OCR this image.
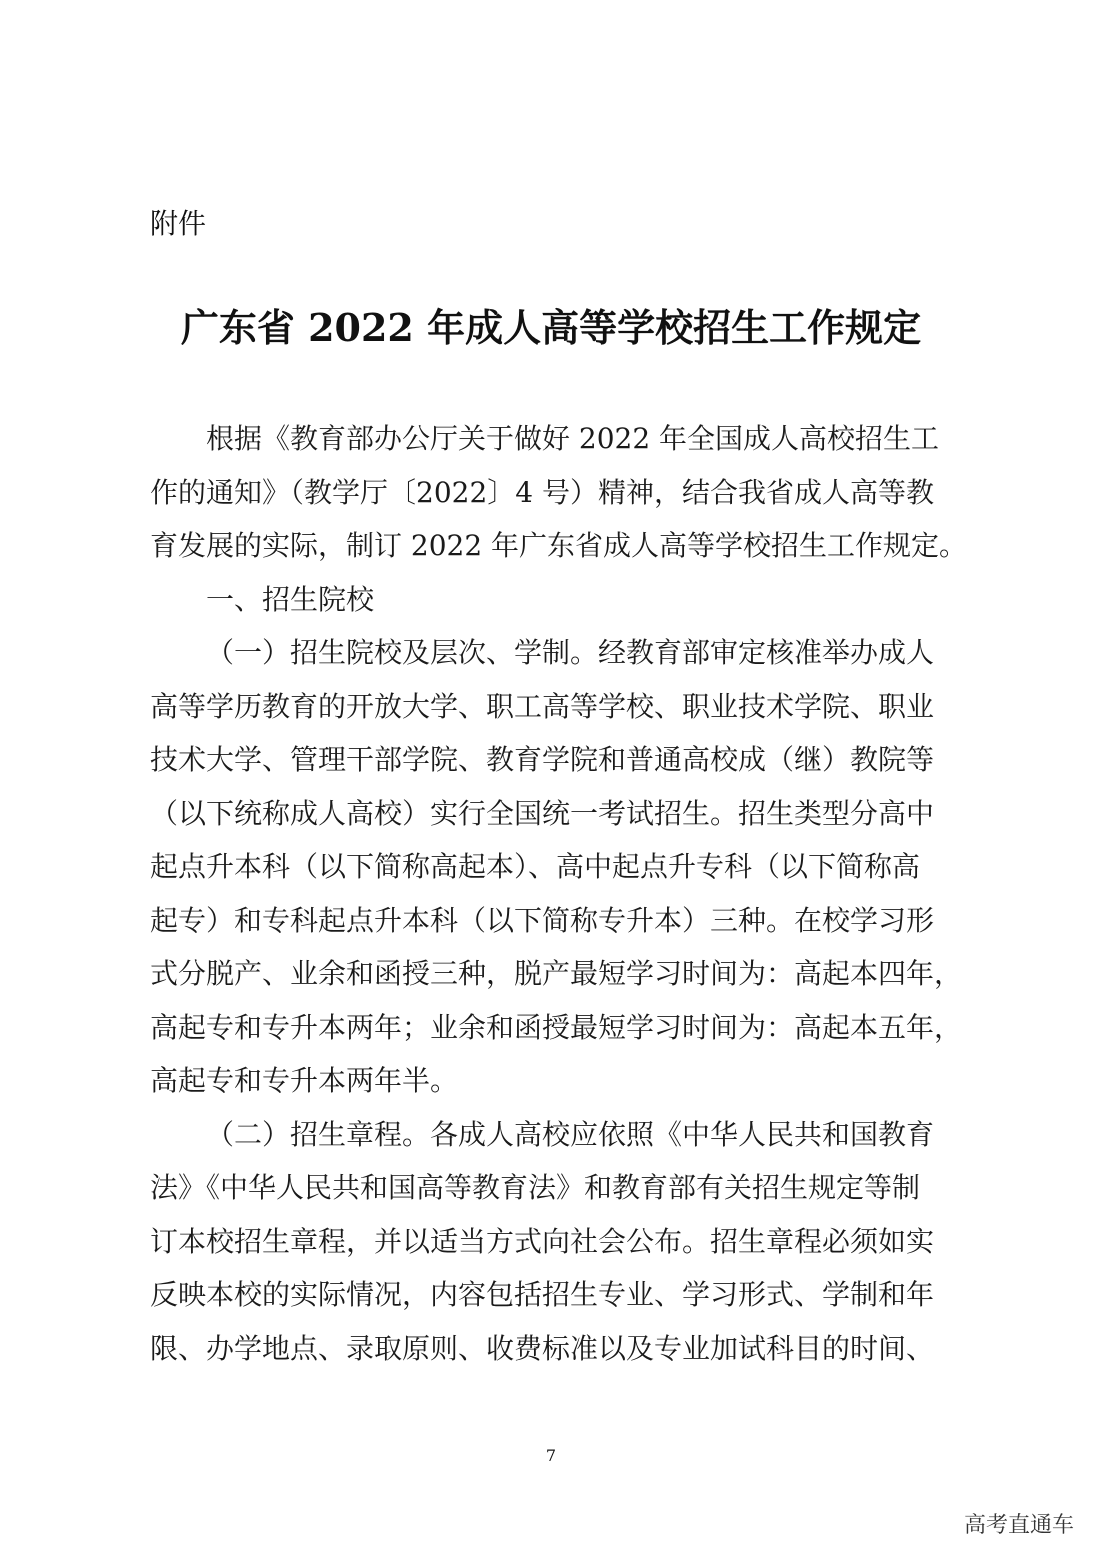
附件
广东省 2022 年成人高等学校招生工作规定
根据《教育部办公厅关于做好 2022 年全国成人高校招生工
作的通知》（教学厅〔2022〕4 号）精神，结合我省成人高等教
育发展的实际，制订 2022 年广东省成人高等学校招生工作规定。
一、招生院校
（一）招生院校及层次、学制。经教育部审定核准举办成人
高等学历教育的开放大学、职工高等学校、职业技术学院、职业
技术大学、管理干部学院、教育学院和普通高校成（继）教院等
（以下统称成人高校）实行全国统一考试招生。招生类型分高中
起点升本科（以下简称高起本）、高中起点升专科（以下简称高
起专）和专科起点升本科（以下简称专升本）三种。在校学习形
式分脱产、业余和函授三种，脱产最短学习时间为：高起本四年，
高起专和专升本两年；业余和函授最短学习时间为：高起本五年，
高起专和专升本两年半。
（二）招生章程。各成人高校应依照《中华人民共和国教育
法》《中华人民共和国高等教育法》和教育部有关招生规定等制
订本校招生章程，并以适当方式向社会公布。招生章程必须如实
反映本校的实际情况，内容包括招生专业、学习形式、学制和年
限、办学地点、录取原则、收费标准以及专业加试科目的时间、
7
高考直通车
